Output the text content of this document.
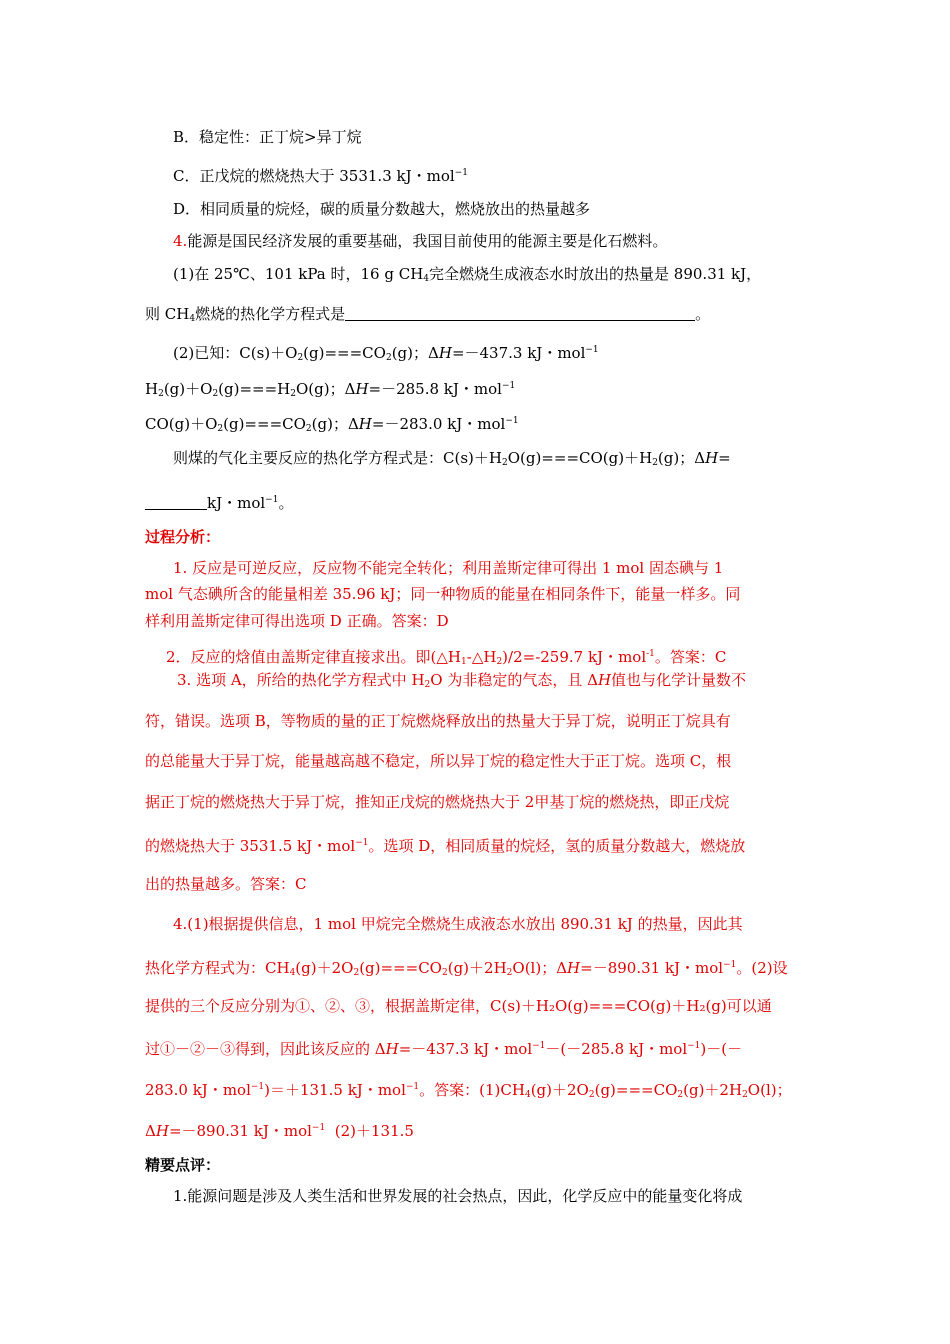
B．稳定性：正丁烷>异丁烷
C．正戊烷的燃烧热大于 3531.3 kJ・mol$^{-1}$
D．相同质量的烷烃，碳的质量分数越大，燃烧放出的热量越多
4.能源是国民经济发展的重要基础，我国目前使用的能源主要是化石燃料。
(1)在 25℃、101 kPa 时，16 g $CH_4$完全燃烧生成液态水时放出的热量是 890.31 kJ，
则 $CH_4$燃烧的热化学方程式是	。
(2)已知：$C(s)+O_2(g)===CO_2(g)$；ΔH=－437.3 kJ・mol$^{-1}$
$H_2(g)+O_2(g)===H_2O(g)$；ΔH=－285.8 kJ・mol$^{-1}$
$CO(g)+O_2(g)===CO_2(g)$；ΔH=－283.0 kJ・mol$^{-1}$
则煤的气化主要反应的热化学方程式是：$C(s)+H_2O(g)===CO(g)+H_2(g)$；ΔH=
kJ・mol$^{-1}$。
过程分析：
1. 反应是可逆反应，反应物不能完全转化；利用盖斯定律可得出 1 mol 固态碘与 1
mol 气态碘所含的能量相差 35.96 kJ；同一种物质的能量在相同条件下，能量一样多。同
样利用盖斯定律可得出选项 D 正确。答案：D
2．反应的焓值由盖斯定律直接求出。即$(\triangle H_1-\triangle H_2)/2=-259.7$ kJ・mol$^{-1}$。答案：C
3. 选项 A，所给的热化学方程式中 $H_2O$ 为非稳定的气态，且 ΔH值也与化学计量数不
符，错误。选项 B，等物质的量的正丁烷燃烧释放出的热量大于异丁烷，说明正丁烷具有
的总能量大于异丁烷，能量越高越不稳定，所以异丁烷的稳定性大于正丁烷。选项 C，根
据正丁烷的燃烧热大于异丁烷，推知正戊烷的燃烧热大于 2甲基丁烷的燃烧热，即正戊烷
的燃烧热大于 3531.5 kJ・mol$^{-1}$。选项 D，相同质量的烷烃，氢的质量分数越大，燃烧放
出的热量越多。答案：C
4.(1)根据提供信息，1 mol 甲烷完全燃烧生成液态水放出 890.31 kJ 的热量，因此其
热化学方程式为：$CH_4(g)+2O_2(g)===CO_2(g)+2H_2O(l)$；ΔH=－890.31 kJ・mol$^{-1}$。(2)设
提供的三个反应分别为①、②、③，根据盖斯定律，C(s)＋H₂O(g)===CO(g)＋H₂(g)可以通
过①－②－③得到，因此该反应的 ΔH=－437.3 kJ・mol$^{-1}$－(－285.8 kJ・mol$^{-1}$)－(－
283.0 kJ・mol$^{-1}$)＝＋131.5 kJ・mol$^{-1}$。答案：$(1)CH_4(g)+2O_2(g)===CO_2(g)+2H_2O(l)$；
ΔH=－890.31 kJ・mol$^{-1}$  (2)＋131.5
精要点评：
1.能源问题是涉及人类生活和世界发展的社会热点，因此，化学反应中的能量变化将成
